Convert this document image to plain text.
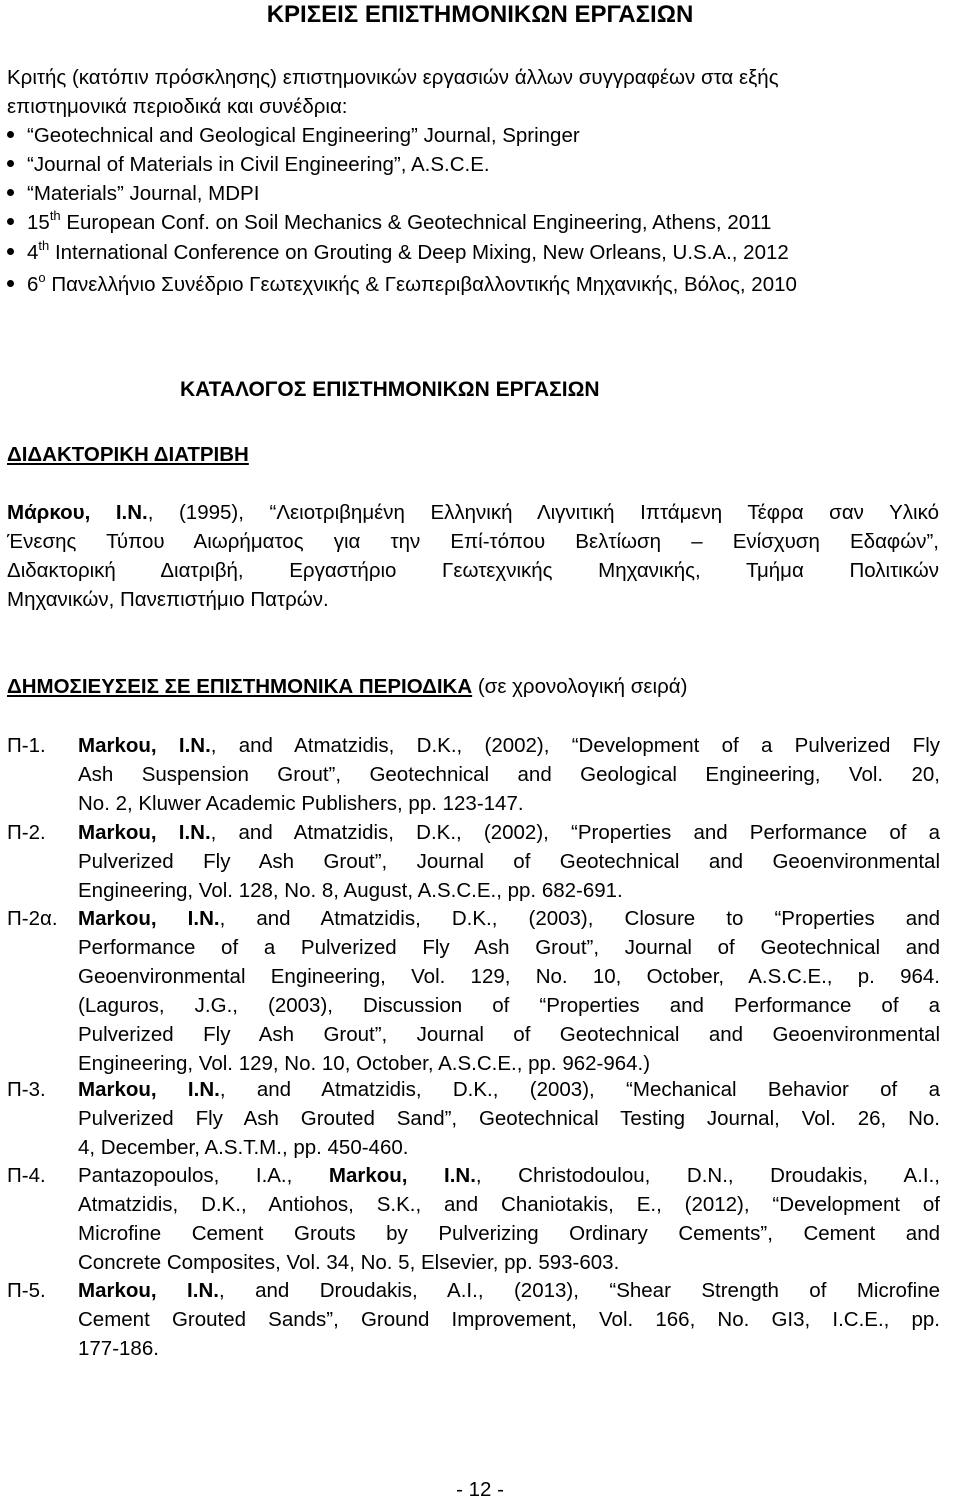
ΚΡΙΣΕΙΣ ΕΠΙΣΤΗΜΟΝΙΚΩΝ ΕΡΓΑΣΙΩΝ
Κριτής (κατόπιν πρόσκλησης) επιστημονικών εργασιών άλλων συγγραφέων στα εξής
επιστημονικά περιοδικά και συνέδρια:
“Geotechnical and Geological Engineering” Journal, Springer
“Journal of Materials in Civil Engineering”, A.S.C.E.
“Materials” Journal, MDPI
15th European Conf. on Soil Mechanics & Geotechnical Engineering, Athens, 2011
4th International Conference on Grouting & Deep Mixing, New Orleans, U.S.A., 2012
$6^o$ Πανελλήνιο Συνέδριο Γεωτεχνικής & Γεωπεριβαλλοντικής Μηχανικής, Βόλος, 2010
ΚΑΤΑΛΟΓΟΣ ΕΠΙΣΤΗΜΟΝΙΚΩΝ ΕΡΓΑΣΙΩΝ
ΔΙΔΑΚΤΟΡΙΚΗ ΔΙΑΤΡΙΒΗ
Μάρκου, Ι.Ν., (1995), “Λειοτριβημένη Ελληνική Λιγνιτική Ιπτάμενη Τέφρα σαν Υλικό
Ένεσης Τύπου Αιωρήματος για την Επί-τόπου Βελτίωση – Ενίσχυση Εδαφών”,
Διδακτορική Διατριβή, Εργαστήριο Γεωτεχνικής Μηχανικής, Τμήμα Πολιτικών
Μηχανικών, Πανεπιστήμιο Πατρών.
ΔΗΜΟΣΙΕΥΣΕΙΣ ΣΕ ΕΠΙΣΤΗΜΟΝΙΚΑ ΠΕΡΙΟΔΙΚΑ (σε χρονολογική σειρά)
Π-1. Markou, I.N., and Atmatzidis, D.K., (2002), “Development of a Pulverized Fly
Ash Suspension Grout”, Geotechnical and Geological Engineering, Vol. 20,
No. 2, Kluwer Academic Publishers, pp. 123-147.
Π-2. Markou, I.N., and Atmatzidis, D.K., (2002), “Properties and Performance of a
Pulverized Fly Ash Grout”, Journal of Geotechnical and Geoenvironmental
Engineering, Vol. 128, No. 8, August, A.S.C.E., pp. 682-691.
Π-2α. Markou, I.N., and Atmatzidis, D.K., (2003), Closure to “Properties and
Performance of a Pulverized Fly Ash Grout”, Journal of Geotechnical and
Geoenvironmental Engineering, Vol. 129, No. 10, October, A.S.C.E., p. 964.
(Laguros, J.G., (2003), Discussion of “Properties and Performance of a
Pulverized Fly Ash Grout”, Journal of Geotechnical and Geoenvironmental
Engineering, Vol. 129, No. 10, October, A.S.C.E., pp. 962-964.)
Π-3. Markou, I.N., and Atmatzidis, D.K., (2003), “Mechanical Behavior of a
Pulverized Fly Ash Grouted Sand”, Geotechnical Testing Journal, Vol. 26, No.
4, December, A.S.T.M., pp. 450-460.
Π-4. Pantazopoulos, I.A., Markou, I.N., Christodoulou, D.N., Droudakis, A.I.,
Atmatzidis, D.K., Antiohos, S.K., and Chaniotakis, E., (2012), “Development of
Microfine Cement Grouts by Pulverizing Ordinary Cements”, Cement and
Concrete Composites, Vol. 34, No. 5, Elsevier, pp. 593-603.
Π-5. Markou, I.N., and Droudakis, A.I., (2013), “Shear Strength of Microfine
Cement Grouted Sands”, Ground Improvement, Vol. 166, No. GI3, I.C.E., pp.
177-186.
- 12 -
